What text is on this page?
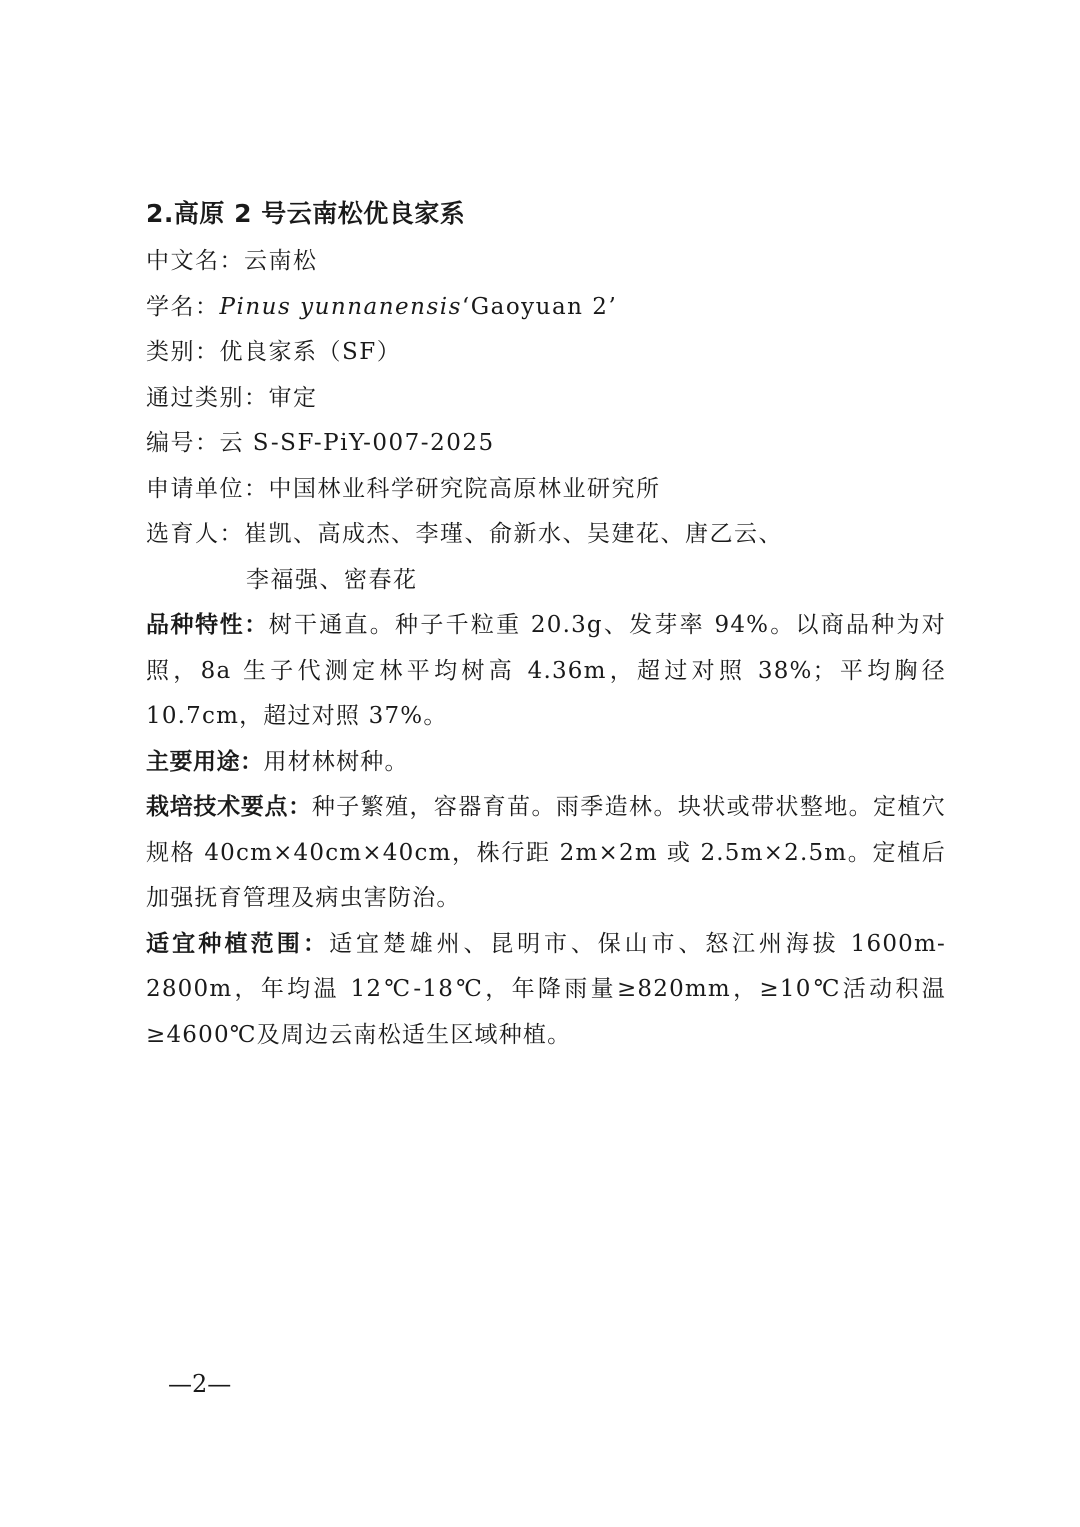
2.高原 2 号云南松优良家系
中文名：云南松
学名：Pinus yunnanensis‘Gaoyuan 2’
类别：优良家系（SF）
通过类别：审定
编号：云 S-SF-PiY-007-2025
申请单位：中国林业科学研究院高原林业研究所
选育人：崔凯、高成杰、李瑾、俞新水、吴建花、唐乙云、
李福强、密春花

品种特性：树干通直。种子千粒重 20.3g、发芽率 94%。以商品种为对照，8a 生子代测定林平均树高 4.36m，超过对照 38%；平均胸径 10.7cm，超过对照 37%。

主要用途：用材林树种。

栽培技术要点：种子繁殖，容器育苗。雨季造林。块状或带状整地。定植穴规格 40cm×40cm×40cm，株行距 2m×2m 或 2.5m×2.5m。定植后加强抚育管理及病虫害防治。

适宜种植范围：适宜楚雄州、昆明市、保山市、怒江州海拔 1600m-2800m，年均温 12℃-18℃，年降雨量≥820mm，≥10℃活动积温≥4600℃及周边云南松适生区域种植。

—2—
